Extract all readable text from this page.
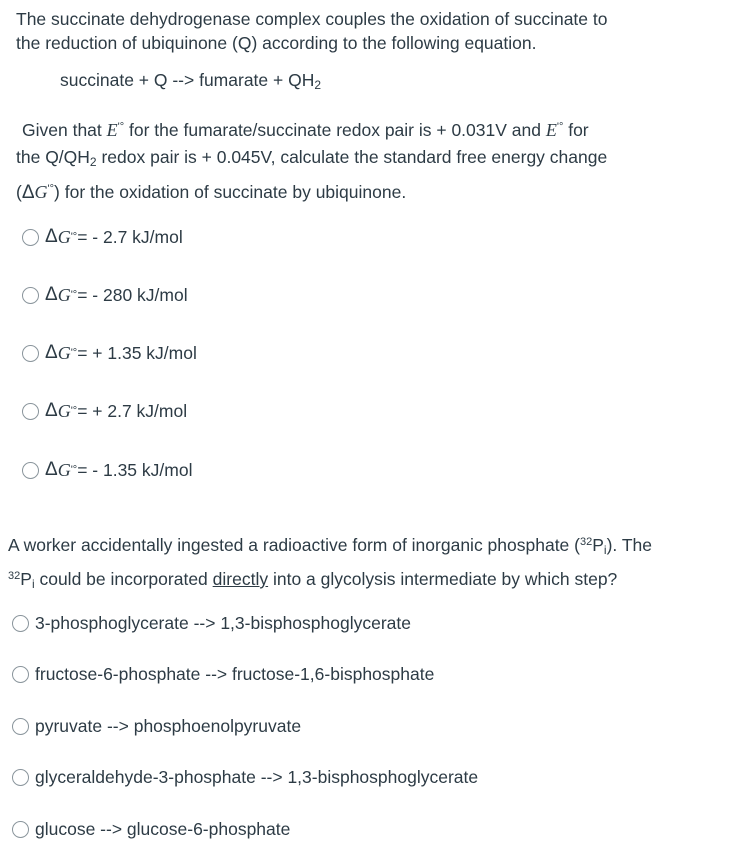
The succinate dehydrogenase complex couples the oxidation of succinate to
the reduction of ubiquinone (Q) according to the following equation.

succinate + Q --> fumarate + $QH_2$

Given that E'° for the fumarate/succinate redox pair is + 0.031V and E'° for
the $Q/QH_2$ redox pair is + 0.045V, calculate the standard free energy change
(ΔG'°) for the oxidation of succinate by ubiquinone.

Δ G '° = - 2.7 kJ/mol
Δ G '° = - 280 kJ/mol
Δ G '° = + 1.35 kJ/mol
Δ G '° = + 2.7 kJ/mol
Δ G '° = - 1.35 kJ/mol

A worker accidentally ingested a radioactive form of inorganic phosphate $(^{32}P_i)$. The
$^{32}P_i$ could be incorporated directly into a glycolysis intermediate by which step?

3-phosphoglycerate --> 1,3-bisphosphoglycerate
fructose-6-phosphate --> fructose-1,6-bisphosphate
pyruvate --> phosphoenolpyruvate
glyceraldehyde-3-phosphate --> 1,3-bisphosphoglycerate
glucose --> glucose-6-phosphate
